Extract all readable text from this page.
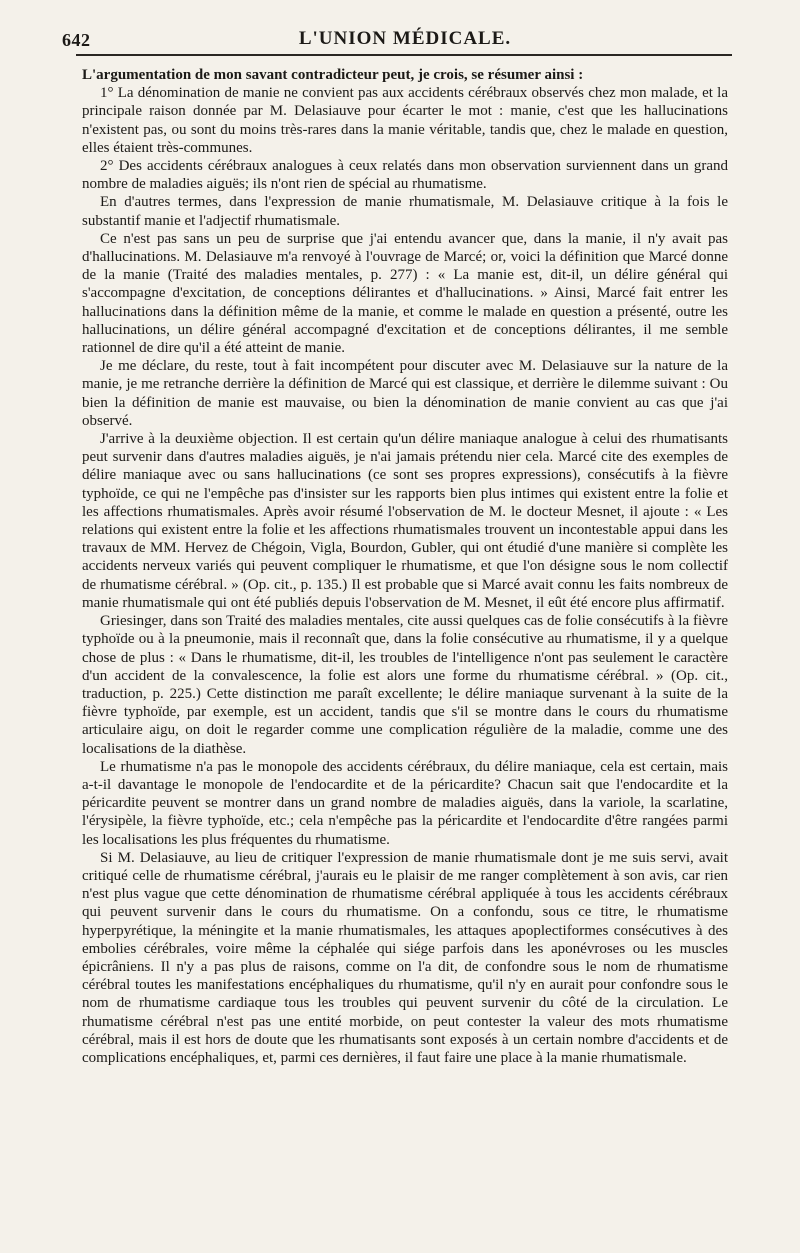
642	L'UNION MÉDICALE.

L'argumentation de mon savant contradicteur peut, je crois, se résumer ainsi :

1° La dénomination de manie ne convient pas aux accidents cérébraux observés chez mon malade, et la principale raison donnée par M. Delasiauve pour écarter le mot : manie, c'est que les hallucinations n'existent pas, ou sont du moins très-rares dans la manie véritable, tandis que, chez le malade en question, elles étaient très-communes.

2° Des accidents cérébraux analogues à ceux relatés dans mon observation surviennent dans un grand nombre de maladies aiguës; ils n'ont rien de spécial au rhumatisme.

En d'autres termes, dans l'expression de manie rhumatismale, M. Delasiauve critique à la fois le substantif manie et l'adjectif rhumatismale.

Ce n'est pas sans un peu de surprise que j'ai entendu avancer que, dans la manie, il n'y avait pas d'hallucinations. M. Delasiauve m'a renvoyé à l'ouvrage de Marcé; or, voici la définition que Marcé donne de la manie (Traité des maladies mentales, p. 277) : « La manie est, dit-il, un délire général qui s'accompagne d'excitation, de conceptions délirantes et d'hallucinations. » Ainsi, Marcé fait entrer les hallucinations dans la définition même de la manie, et comme le malade en question a présenté, outre les hallucinations, un délire général accompagné d'excitation et de conceptions délirantes, il me semble rationnel de dire qu'il a été atteint de manie.

Je me déclare, du reste, tout à fait incompétent pour discuter avec M. Delasiauve sur la nature de la manie, je me retranche derrière la définition de Marcé qui est classique, et derrière le dilemme suivant : Ou bien la définition de manie est mauvaise, ou bien la dénomination de manie convient au cas que j'ai observé.

J'arrive à la deuxième objection. Il est certain qu'un délire maniaque analogue à celui des rhumatisants peut survenir dans d'autres maladies aiguës, je n'ai jamais prétendu nier cela. Marcé cite des exemples de délire maniaque avec ou sans hallucinations (ce sont ses propres expressions), consécutifs à la fièvre typhoïde, ce qui ne l'empêche pas d'insister sur les rapports bien plus intimes qui existent entre la folie et les affections rhumatismales. Après avoir résumé l'observation de M. le docteur Mesnet, il ajoute : « Les relations qui existent entre la folie et les affections rhumatismales trouvent un incontestable appui dans les travaux de MM. Hervez de Chégoin, Vigla, Bourdon, Gubler, qui ont étudié d'une manière si complète les accidents nerveux variés qui peuvent compliquer le rhumatisme, et que l'on désigne sous le nom collectif de rhumatisme cérébral. » (Op. cit., p. 135.) Il est probable que si Marcé avait connu les faits nombreux de manie rhumatismale qui ont été publiés depuis l'observation de M. Mesnet, il eût été encore plus affirmatif.

Griesinger, dans son Traité des maladies mentales, cite aussi quelques cas de folie consécutifs à la fièvre typhoïde ou à la pneumonie, mais il reconnaît que, dans la folie consécutive au rhumatisme, il y a quelque chose de plus : « Dans le rhumatisme, dit-il, les troubles de l'intelligence n'ont pas seulement le caractère d'un accident de la convalescence, la folie est alors une forme du rhumatisme cérébral. » (Op. cit., traduction, p. 225.) Cette distinction me paraît excellente; le délire maniaque survenant à la suite de la fièvre typhoïde, par exemple, est un accident, tandis que s'il se montre dans le cours du rhumatisme articulaire aigu, on doit le regarder comme une complication régulière de la maladie, comme une des localisations de la diathèse.

Le rhumatisme n'a pas le monopole des accidents cérébraux, du délire maniaque, cela est certain, mais a-t-il davantage le monopole de l'endocardite et de la péricardite? Chacun sait que l'endocardite et la péricardite peuvent se montrer dans un grand nombre de maladies aiguës, dans la variole, la scarlatine, l'érysipèle, la fièvre typhoïde, etc.; cela n'empêche pas la péricardite et l'endocardite d'être rangées parmi les localisations les plus fréquentes du rhumatisme.

Si M. Delasiauve, au lieu de critiquer l'expression de manie rhumatismale dont je me suis servi, avait critiqué celle de rhumatisme cérébral, j'aurais eu le plaisir de me ranger complètement à son avis, car rien n'est plus vague que cette dénomination de rhumatisme cérébral appliquée à tous les accidents cérébraux qui peuvent survenir dans le cours du rhumatisme. On a confondu, sous ce titre, le rhumatisme hyperpyrétique, la méningite et la manie rhumatismales, les attaques apoplectiformes consécutives à des embolies cérébrales, voire même la céphalée qui siége parfois dans les aponévroses ou les muscles épicrâniens. Il n'y a pas plus de raisons, comme on l'a dit, de confondre sous le nom de rhumatisme cérébral toutes les manifestations encéphaliques du rhumatisme, qu'il n'y en aurait pour confondre sous le nom de rhumatisme cardiaque tous les troubles qui peuvent survenir du côté de la circulation. Le rhumatisme cérébral n'est pas une entité morbide, on peut contester la valeur des mots rhumatisme cérébral, mais il est hors de doute que les rhumatisants sont exposés à un certain nombre d'accidents et de complications encéphaliques, et, parmi ces dernières, il faut faire une place à la manie rhumatismale.
